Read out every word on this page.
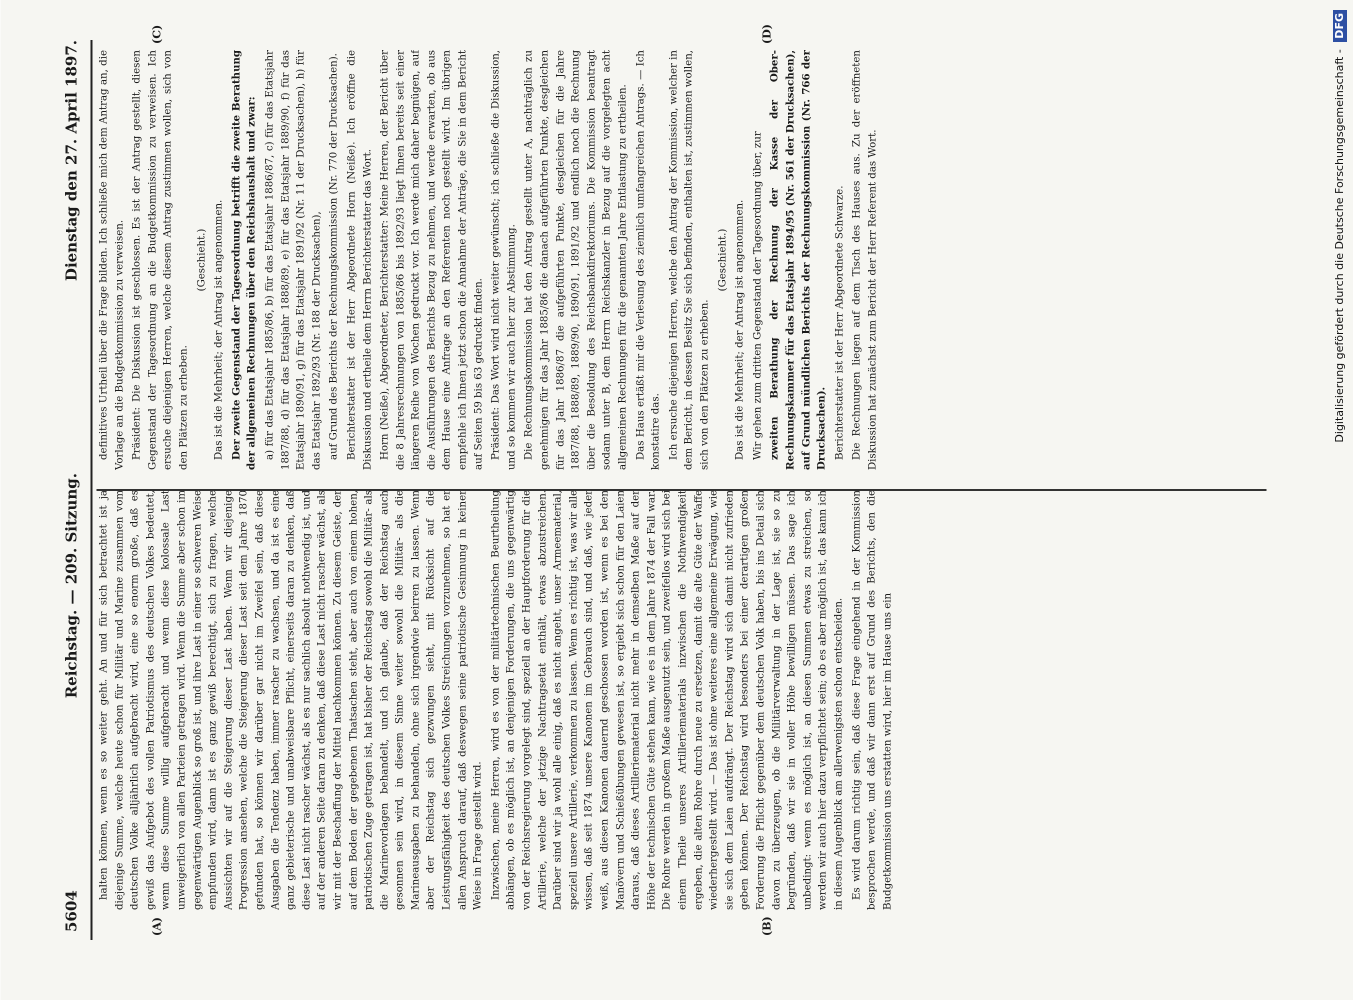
5604
Reichstag. — 209. Sitzung.
Dienstag den 27. April 1897.
(A)	(B)
(C)	(D)

halten können, wenn es so weiter geht. An und für sich betrachtet ist ja diejenige Summe, welche heute schon für Militär und Marine zusammen vom deutschen Volke alljährlich aufgebracht wird, eine so enorm große, daß es gewiß das Aufgebot des vollen Patriotismus des deutschen Volkes bedeutet, wenn diese Summe willig aufgebracht und wenn diese kolossale Last unweigerlich von allen Parteien getragen wird. Wenn die Summe aber schon im gegenwärtigen Augenblick so groß ist, und ihre Last in einer so schweren Weise empfunden wird, dann ist es ganz gewiß berechtigt, sich zu fragen, welche Aussichten wir auf die Steigerung dieser Last haben. Wenn wir diejenige Progression ansehen, welche die Steigerung dieser Last seit dem Jahre 1870 gefunden hat, so können wir darüber gar nicht im Zweifel sein, daß diese Ausgaben die Tendenz haben, immer rascher zu wachsen, und da ist es eine ganz gebieterische und unabweisbare Pflicht, einerseits daran zu denken, daß diese Last nicht rascher wächst, als es nur sachlich absolut nothwendig ist, und auf der anderen Seite daran zu denken, daß diese Last nicht rascher wächst, als wir mit der Beschaffung der Mittel nachkommen können. Zu diesem Geiste, der auf dem Boden der gegebenen Thatsachen steht, aber auch von einem hohen, patriotischen Zuge getragen ist, hat bisher der Reichstag sowohl die Militär- als die Marinevorlagen behandelt, und ich glaube, daß der Reichstag auch gesonnen sein wird, in diesem Sinne weiter sowohl die Militär- als die Marineausgaben zu behandeln, ohne sich irgendwie beirren zu lassen. Wenn aber der Reichstag sich gezwungen sieht, mit Rücksicht auf die Leistungsfähigkeit des deutschen Volkes Streichungen vorzunehmen, so hat er allen Anspruch darauf, daß deswegen seine patriotische Gesinnung in keiner Weise in Frage gestellt wird. Inzwischen, meine Herren, wird es von der militärtechnischen Beurtheilung abhängen, ob es möglich ist, an denjenigen Forderungen, die uns gegenwärtig von der Reichsregierung vorgelegt sind, speziell an der Hauptforderung für die Artillerie, welche der jetzige Nachtragsetat enthält, etwas abzustreichen. Darüber sind wir ja wohl alle einig, daß es nicht angeht, unser Armeematerial, speziell unsere Artillerie, verkommen zu lassen. Wenn es richtig ist, was wir alle wissen, daß seit 1874 unsere Kanonen im Gebrauch sind, und daß, wie jeder weiß, aus diesen Kanonen dauernd geschossen worden ist, wenn es bei den Manövern und Schießübungen gewesen ist, so ergiebt sich schon für den Laien daraus, daß dieses Artilleriematerial nicht mehr in demselben Maße auf der Höhe der technischen Güte stehen kann, wie es in dem Jahre 1874 der Fall war. Die Rohre werden in großem Maße ausgenutzt sein, und zweifellos wird sich bei einem Theile unseres Artilleriematerials inzwischen die Nothwendigkeit ergeben, die alten Rohre durch neue zu ersetzen, damit die alte Güte der Waffe wiederhergestellt wird. — Das ist ohne weiteres eine allgemeine Erwägung, wie sie sich dem Laien aufdrängt. Der Reichstag wird sich damit nicht zufrieden geben können. Der Reichstag wird besonders bei einer derartigen großen Forderung die Pflicht gegenüber dem deutschen Volk haben, bis ins Detail sich davon zu überzeugen, ob die Militärverwaltung in der Lage ist, sie so zu begründen, daß wir sie in voller Höhe bewilligen müssen. Das sage ich unbedingt: wenn es möglich ist, an diesen Summen etwas zu streichen, so werden wir auch hier dazu verpflichtet sein; ob es aber möglich ist, das kann ich in diesem Augenblick am allerwenigsten schon entscheiden. Es wird darum richtig sein, daß diese Frage eingehend in der Kommission besprochen werde, und daß wir dann erst auf Grund des Berichts, den die Budgetkommission uns erstatten wird, hier im Hause uns ein

definitives Urtheil über die Frage bilden. Ich schließe mich dem Antrag an, die Vorlage an die Budgetkommission zu verweisen. Präsident: Die Diskussion ist geschlossen. Es ist der Antrag gestellt, diesen Gegenstand der Tagesordnung an die Budgetkommission zu verweisen. Ich ersuche diejenigen Herren, welche diesem Antrag zustimmen wollen, sich von den Plätzen zu erheben.

(Geschieht.) Das ist die Mehrheit; der Antrag ist angenommen. Der zweite Gegenstand der Tagesordnung betrifft die zweite Berathung der allgemeinen Rechnungen über den Reichshaushalt und zwar: a) für das Etatsjahr 1885/86, b) für das Etatsjahr 1886/87, c) für das Etatsjahr 1887/88, d) für das Etatsjahr 1888/89, e) für das Etatsjahr 1889/90, f) für das Etatsjahr 1890/91, g) für das Etatsjahr 1891/92 (Nr. 11 der Drucksachen), h) für das Etatsjahr 1892/93 (Nr. 188 der Drucksachen), auf Grund des Berichts der Rechnungskommission (Nr. 770 der Drucksachen). Berichterstatter ist der Herr Abgeordnete Horn (Neiße). Ich eröffne die Diskussion und ertheile dem Herrn Berichterstatter das Wort. Horn (Neiße), Abgeordneter, Berichterstatter: Meine Herren, der Bericht über die 8 Jahresrechnungen von 1885/86 bis 1892/93 liegt Ihnen bereits seit einer längeren Reihe von Wochen gedruckt vor. Ich werde mich daher begnügen, auf die Ausführungen des Berichts Bezug zu nehmen, und werde erwarten, ob aus dem Hause eine Anfrage an den Referenten noch gestellt wird. Im übrigen empfehle ich Ihnen jetzt schon die Annahme der Anträge, die Sie in dem Bericht auf Seiten 59 bis 63 gedruckt finden. Präsident: Das Wort wird nicht weiter gewünscht; ich schließe die Diskussion, und so kommen wir auch hier zur Abstimmung. Die Rechnungskommission hat den Antrag gestellt unter A, nachträglich zu genehmigen für das Jahr 1885/86 die danach aufgeführten Punkte, desgleichen für das Jahr 1886/87 die aufgeführten Punkte, desgleichen für die Jahre 1887/88, 1888/89, 1889/90, 1890/91, 1891/92 und endlich noch die Rechnung über die Besoldung des Reichsbankdirektoriums. Die Kommission beantragt sodann unter B, dem Herrn Reichskanzler in Bezug auf die vorgelegten acht allgemeinen Rechnungen für die genannten Jahre Entlastung zu ertheilen. Das Haus ertäßt mir die Verlesung des ziemlich umfangreichen Antrags. — Ich konstatire das. Ich ersuche diejenigen Herren, welche den Antrag der Kommission, welcher in dem Bericht, in dessen Besitz Sie sich befinden, enthalten ist, zustimmen wollen, sich von den Plätzen zu erheben.

(Geschieht.) Das ist die Mehrheit; der Antrag ist angenommen. Wir gehen zum dritten Gegenstand der Tagesordnung über, zur zweiten Berathung der Rechnung der Kasse der Ober-Rechnungskammer für das Etatsjahr 1894/95 (Nr. 561 der Drucksachen), auf Grund mündlichen Berichts der Rechnungskommission (Nr. 766 der Drucksachen). Berichterstatter ist der Herr Abgeordnete Schwarze. Die Rechnungen liegen auf dem Tisch des Hauses aus. Zu der eröffneten Diskussion hat zunächst zum Bericht der Herr Referent das Wort.	Digitalisierung gefördert durch die Deutsche Forschungsgemeinschaft - DFG
